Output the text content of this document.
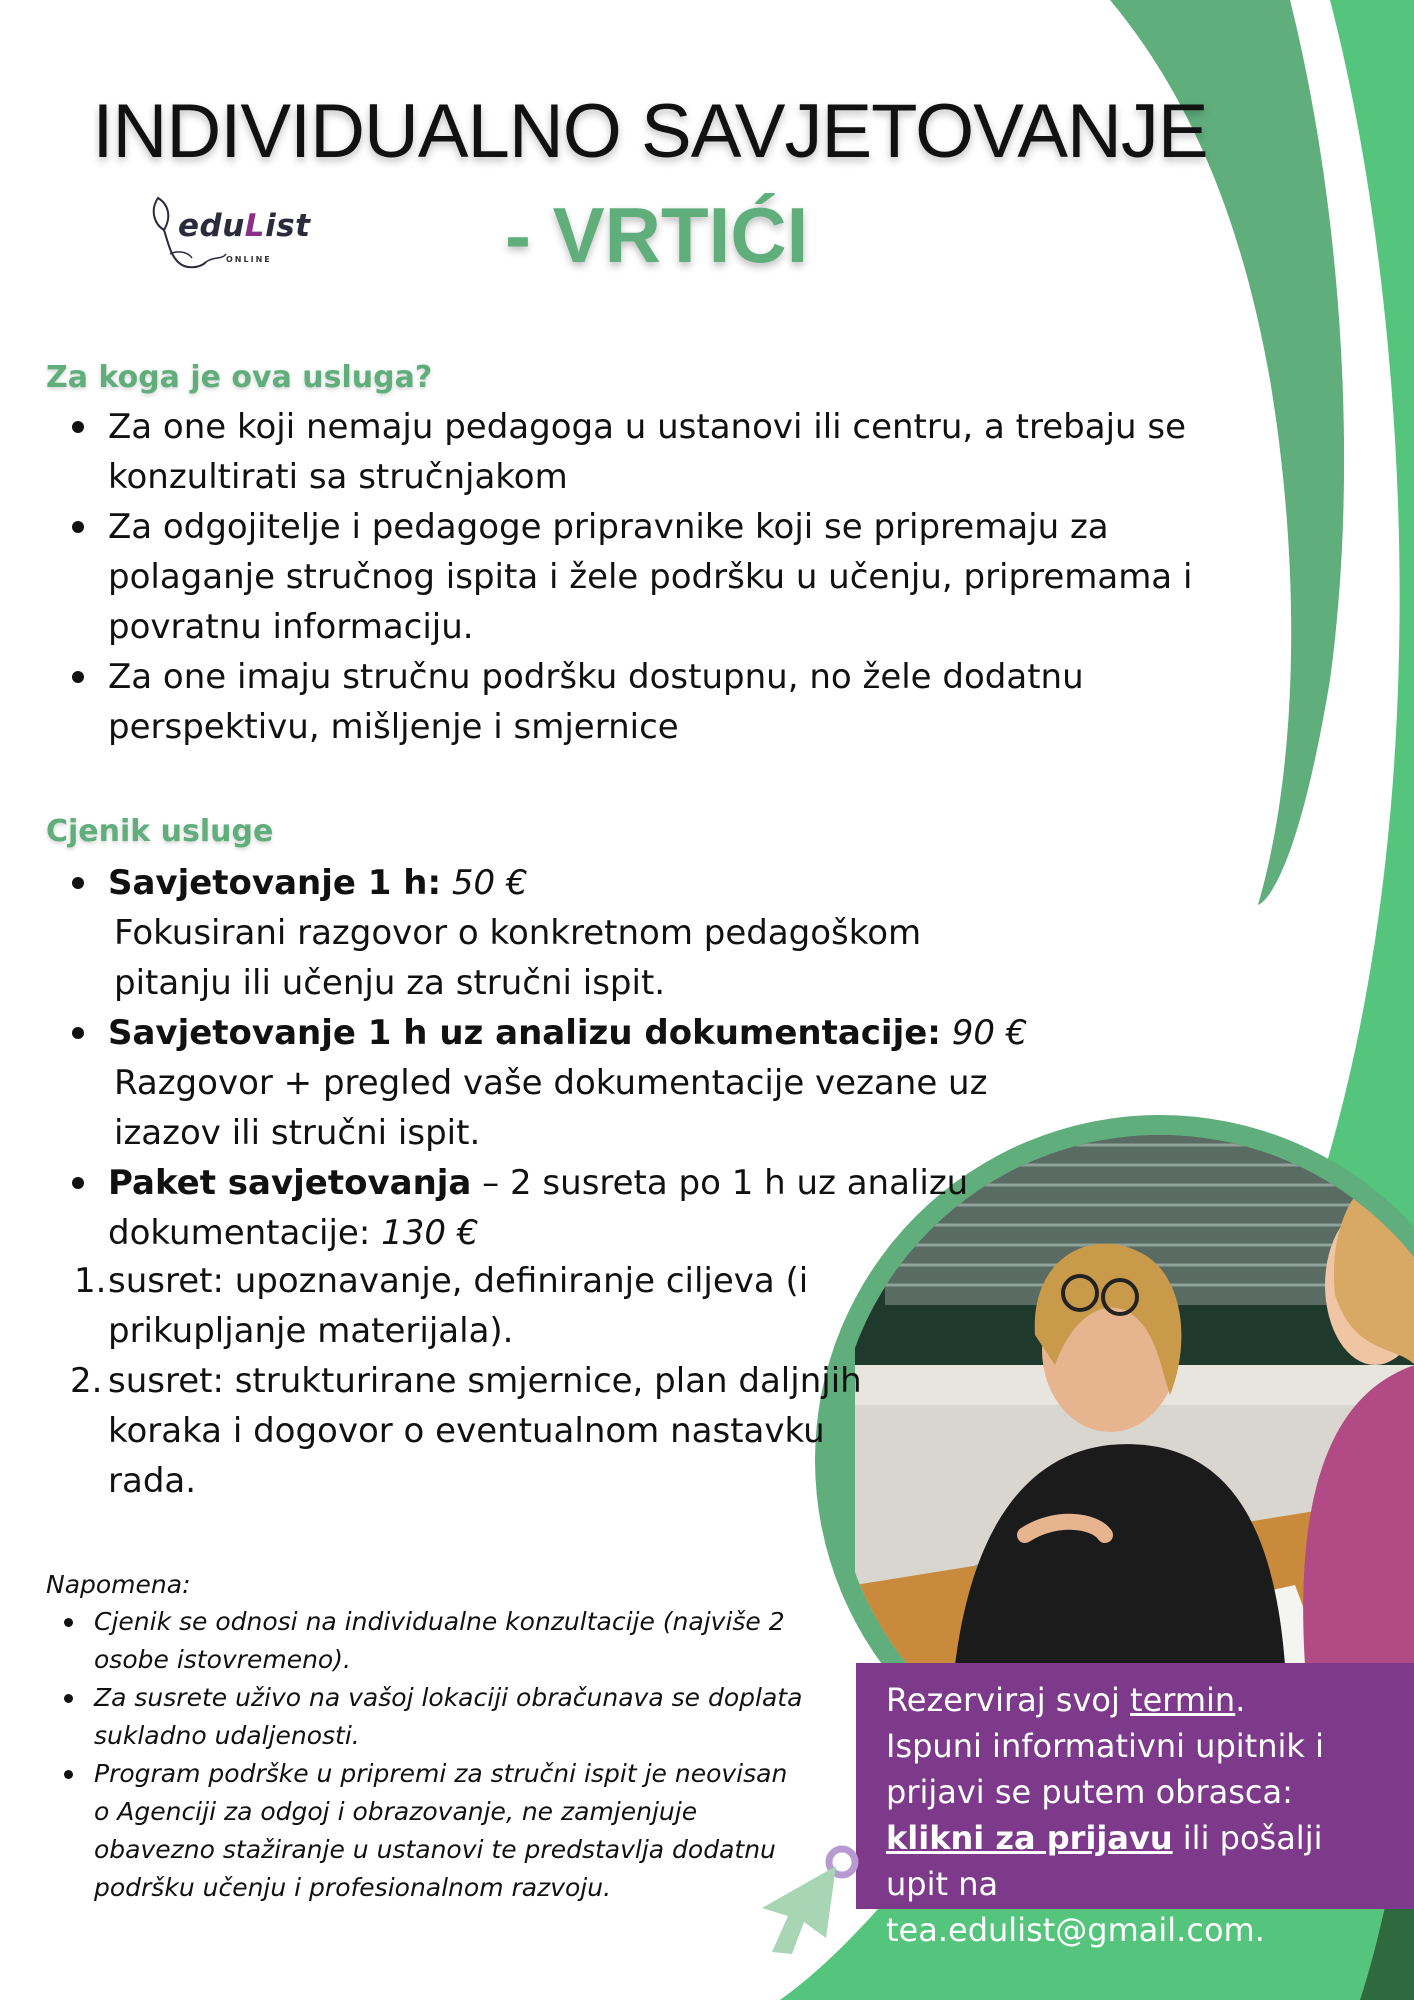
INDIVIDUALNO SAVJETOVANJE
- VRTIĆI
eduList
ONLINE
Za koga je ova usluga?
Za one koji nemaju pedagoga u ustanovi ili centru, a trebaju se konzultirati sa stručnjakom
Za odgojitelje i pedagoge pripravnike koji se pripremaju za polaganje stručnog ispita i žele podršku u učenju, pripremama i povratnu informaciju.
Za one imaju stručnu podršku dostupnu, no žele dodatnu perspektivu, mišljenje i smjernice
Cjenik usluge
Savjetovanje 1 h: 50 €
Fokusirani razgovor o konkretnom pedagoškom pitanju ili učenju za stručni ispit.
Savjetovanje 1 h uz analizu dokumentacije: 90 €
Razgovor + pregled vaše dokumentacije vezane uz izazov ili stručni ispit.
Paket savjetovanja – 2 susreta po 1 h uz analizu dokumentacije: 130 €
1. susret: upoznavanje, definiranje ciljeva (i prikupljanje materijala).
2. susret: strukturirane smjernice, plan daljnjih koraka i dogovor o eventualnom nastavku rada.
Napomena:
Cjenik se odnosi na individualne konzultacije (najviše 2 osobe istovremeno).
Za susrete uživo na vašoj lokaciji obračunava se doplata sukladno udaljenosti.
Program podrške u pripremi za stručni ispit je neovisan o Agenciji za odgoj i obrazovanje, ne zamjenjuje obavezno stažiranje u ustanovi te predstavlja dodatnu podršku učenju i profesionalnom razvoju.
Rezerviraj svoj termin.
Ispuni informativni upitnik i prijavi se putem obrasca:
klikni za prijavu ili pošalji upit na tea.edulist@gmail.com.
